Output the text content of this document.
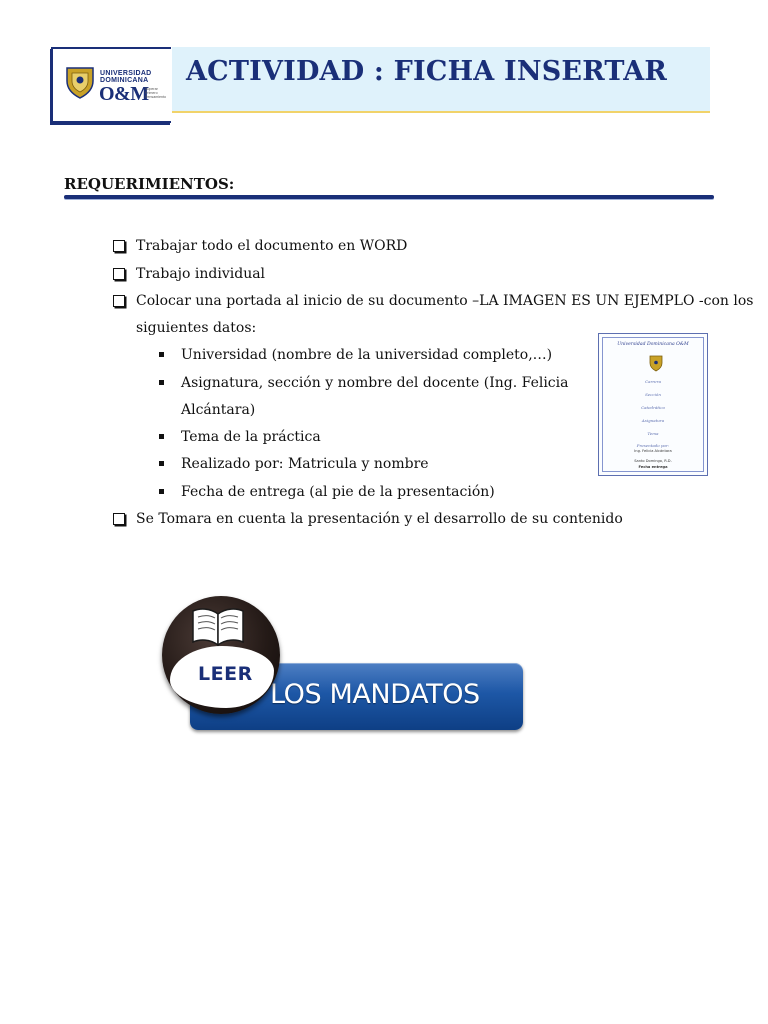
ACTIVIDAD : FICHA INSERTAR
UNIVERSIDAD
DOMINICANA
O&M
Superar
Primero
Pensamiento
REQUERIMIENTOS:
Trabajar todo el documento en WORD
Trabajo individual
Colocar una portada al inicio de su documento –LA IMAGEN ES UN EJEMPLO -con los
siguientes datos:
Universidad (nombre de la universidad completo,…)
Asignatura, sección y nombre del docente (Ing. Felicia
Alcántara)
Tema de la práctica
Realizado por: Matricula y nombre
Fecha de entrega (al pie de la presentación)
Se Tomara en cuenta la presentación y el desarrollo de su contenido
Universidad Dominicana O&M
Carrera
Sección
Catedrático
Asignatura
Tema
Presentado por:
Ing. Felicia Alcántara
Santo Domingo, R.D.
Fecha entrega
LOS MANDATOS
LEER
